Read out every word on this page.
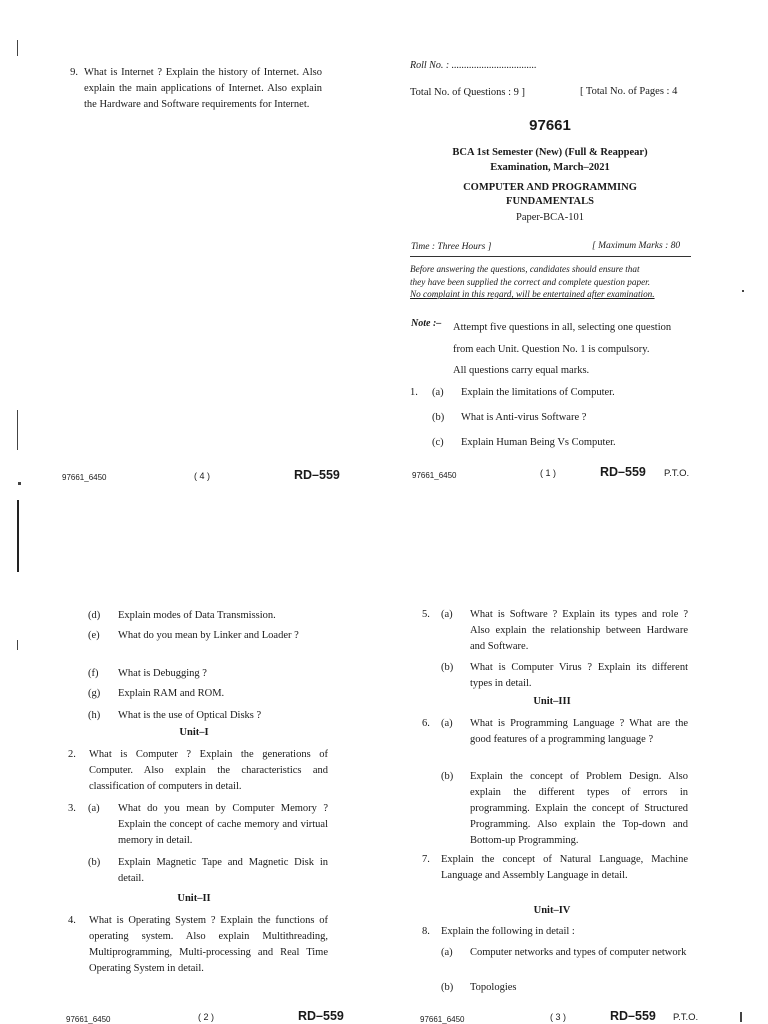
9. What is Internet ? Explain the history of Internet. Also explain the main applications of Internet. Also explain the Hardware and Software requirements for Internet.
97661_6450	( 4 )	RD–559
Roll No. : ..................................
Total No. of Questions : 9 ]	[ Total No. of Pages : 4
97661
BCA 1st Semester (New) (Full & Reappear)
Examination, March–2021
COMPUTER AND PROGRAMMING
FUNDAMENTALS
Paper-BCA-101
Time : Three Hours ]	[ Maximum Marks : 80
Before answering the questions, candidates should ensure that
they have been supplied the correct and complete question paper.
No complaint in this regard, will be entertained after examination.
Note :– Attempt five questions in all, selecting one question
from each Unit. Question No. 1 is compulsory.
All questions carry equal marks.
1. (a) Explain the limitations of Computer.
(b) What is Anti-virus Software ?
(c) Explain Human Being Vs Computer.
97661_6450	( 1 )	RD–559 P.T.O.
(d) Explain modes of Data Transmission.
(e) What do you mean by Linker and Loader ?
(f) What is Debugging ?
(g) Explain RAM and ROM.
(h) What is the use of Optical Disks ?
Unit–I
2. What is Computer ? Explain the generations of Computer. Also explain the characteristics and classification of computers in detail.
3. (a) What do you mean by Computer Memory ? Explain the concept of cache memory and virtual memory in detail.
(b) Explain Magnetic Tape and Magnetic Disk in detail.
Unit–II
4. What is Operating System ? Explain the functions of operating system. Also explain Multithreading, Multiprogramming, Multi-processing and Real Time Operating System in detail.
97661_6450	( 2 )	RD–559
5. (a) What is Software ? Explain its types and role ? Also explain the relationship between Hardware and Software.
(b) What is Computer Virus ? Explain its different types in detail.
Unit–III
6. (a) What is Programming Language ? What are the good features of a programming language ?
(b) Explain the concept of Problem Design. Also explain the different types of errors in programming. Explain the concept of Structured Programming. Also explain the Top-down and Bottom-up Programming.
7. Explain the concept of Natural Language, Machine Language and Assembly Language in detail.
Unit–IV
8. Explain the following in detail :
(a) Computer networks and types of computer network
(b) Topologies
97661_6450	( 3 )	RD–559 P.T.O.
